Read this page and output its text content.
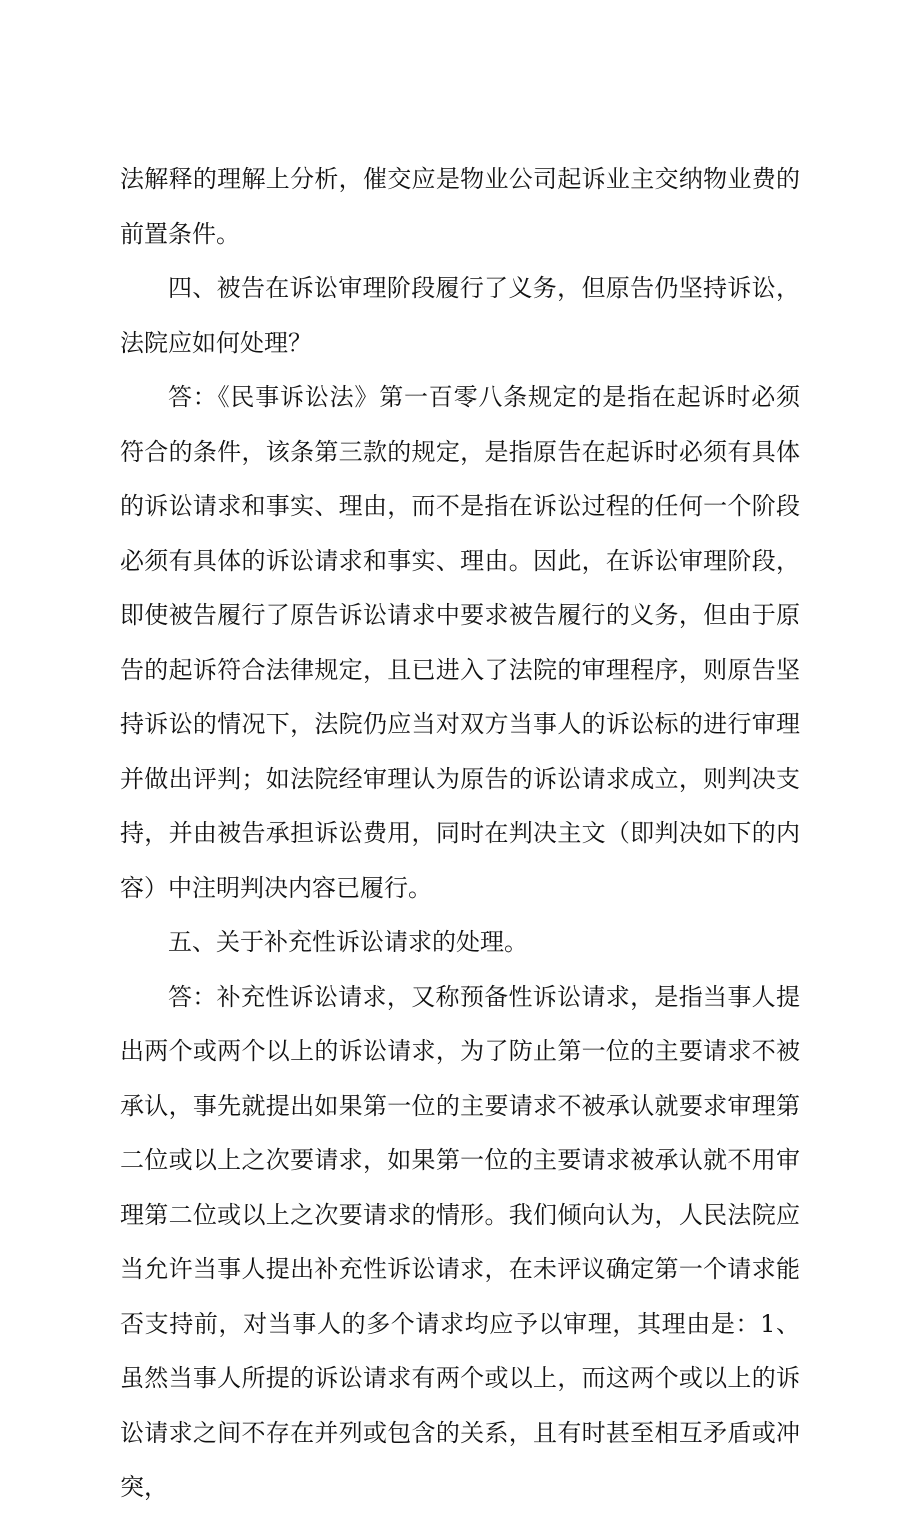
法解释的理解上分析，催交应是物业公司起诉业主交纳物业费的前置条件。

四、被告在诉讼审理阶段履行了义务，但原告仍坚持诉讼，法院应如何处理？

答：《民事诉讼法》第一百零八条规定的是指在起诉时必须符合的条件，该条第三款的规定，是指原告在起诉时必须有具体的诉讼请求和事实、理由，而不是指在诉讼过程的任何一个阶段必须有具体的诉讼请求和事实、理由。因此，在诉讼审理阶段，即使被告履行了原告诉讼请求中要求被告履行的义务，但由于原告的起诉符合法律规定，且已进入了法院的审理程序，则原告坚持诉讼的情况下，法院仍应当对双方当事人的诉讼标的进行审理并做出评判；如法院经审理认为原告的诉讼请求成立，则判决支持，并由被告承担诉讼费用，同时在判决主文（即判决如下的内容）中注明判决内容已履行。

五、关于补充性诉讼请求的处理。

答：补充性诉讼请求，又称预备性诉讼请求，是指当事人提出两个或两个以上的诉讼请求，为了防止第一位的主要请求不被承认，事先就提出如果第一位的主要请求不被承认就要求审理第二位或以上之次要请求，如果第一位的主要请求被承认就不用审理第二位或以上之次要请求的情形。我们倾向认为，人民法院应当允许当事人提出补充性诉讼请求，在未评议确定第一个请求能否支持前，对当事人的多个请求均应予以审理，其理由是：1、虽然当事人所提的诉讼请求有两个或以上，而这两个或以上的诉讼请求之间不存在并列或包含的关系，且有时甚至相互矛盾或冲突，
